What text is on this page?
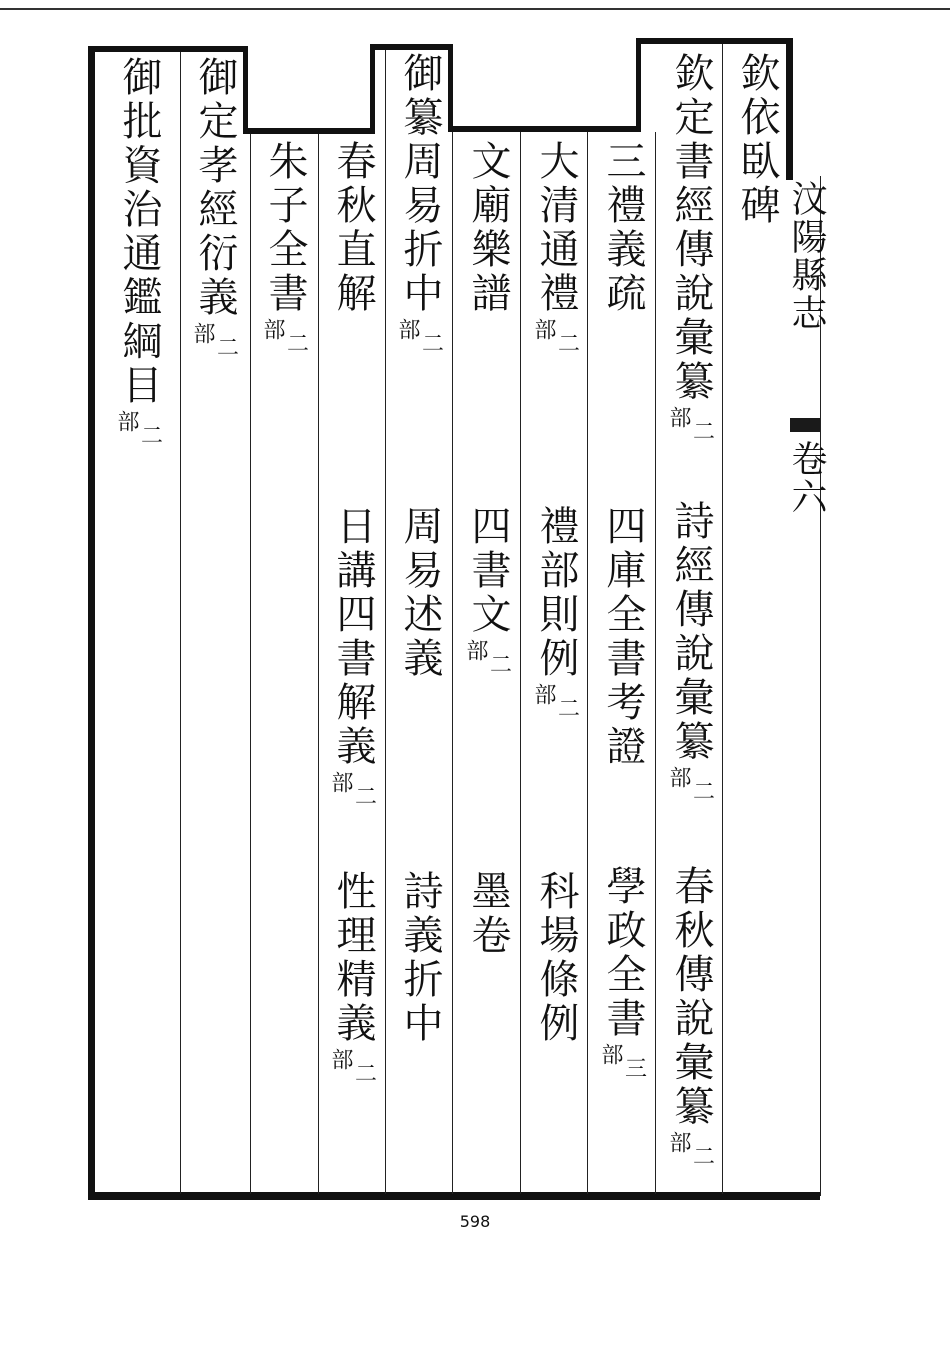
汶陽縣志
卷六
欽依臥碑
欽定書經傳說彙纂
二
部
詩經傳說彙纂
二
部
春秋傳說彙纂
二
部
三禮義疏
四庫全書考證
學政全書
三
部
大清通禮
二
部
禮部則例
二
部
科場條例
文廟樂譜
四書文
二
部
墨卷
御纂周易折中
二
部
周易述義
詩義折中
春秋直解
日講四書解義
二
部
性理精義
二
部
朱子全書
二
部
御定孝經衍義
二
部
御批資治通鑑綱目
二
部
598
